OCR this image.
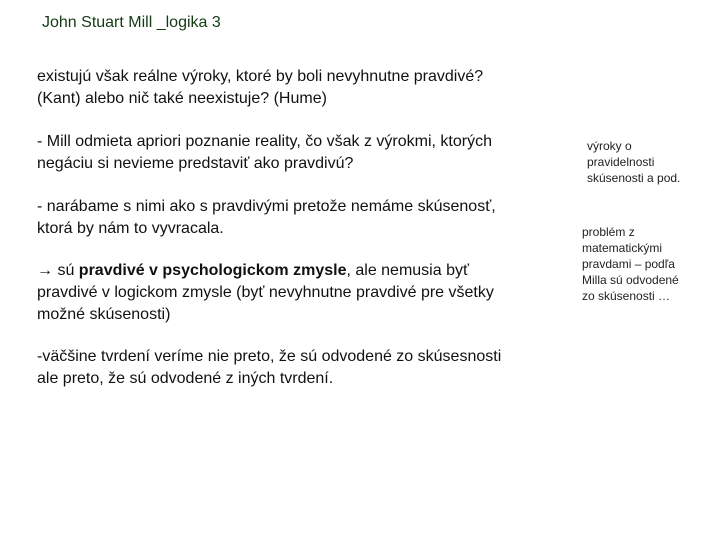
John Stuart Mill _logika 3
existujú však reálne výroky, ktoré by boli nevyhnutne pravdivé?
(Kant) alebo nič také neexistuje? (Hume)
- Mill odmieta apriori poznanie reality, čo však z výrokmi, ktorých
negáciu si nevieme predstaviť ako pravdivú?
- narábame s nimi ako s pravdivými pretože nemáme skúsenosť,
ktorá by nám to vyvracala.
→ sú pravdivé v psychologickom zmysle, ale nemusia byť
pravdivé v logickom zmysle (byť nevyhnutne pravdivé pre všetky
možné skúsenosti)
-väčšine tvrdení veríme nie preto, že sú odvodené zo skúsesnosti
ale preto, že sú odvodené z iných tvrdení.
výroky o
pravidelnosti
skúsenosti a pod.
problém z
matematickými
pravdami – podľa
Milla sú odvodené
zo skúsenosti …
